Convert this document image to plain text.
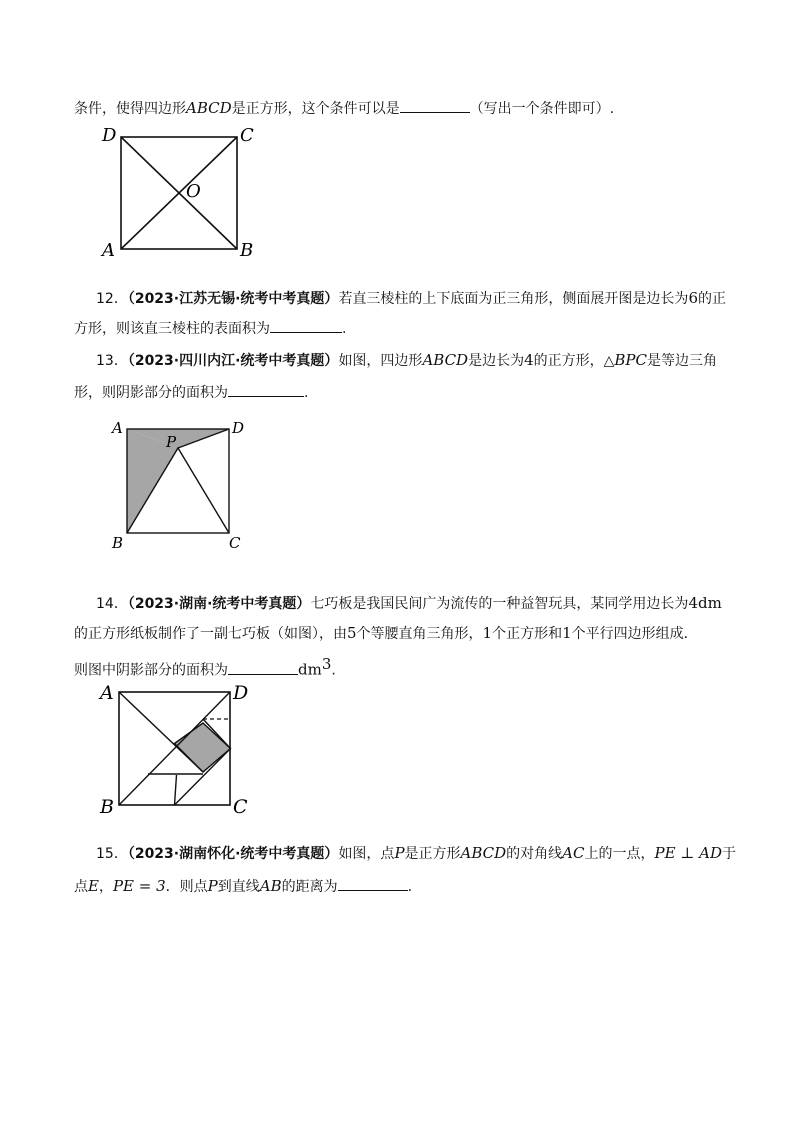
条件，使得四边形ABCD是正方形，这个条件可以是	（写出一个条件即可）.
D	C
A	B
O
12．（2023·江苏无锡·统考中考真题）若直三棱柱的上下底面为正三角形，侧面展开图是边长为6的正
方形，则该直三棱柱的表面积为	.
13．（2023·四川内江·统考中考真题）如图，四边形ABCD是边长为4的正方形，△BPC是等边三角
形，则阴影部分的面积为	.
A	D
P
B	C
14．（2023·湖南·统考中考真题）七巧板是我国民间广为流传的一种益智玩具，某同学用边长为4dm
的正方形纸板制作了一副七巧板（如图），由5个等腰直角三角形，1个正方形和1个平行四边形组成．
则图中阴影部分的面积为	$dm^3$.
A	D
B	C
15．（2023·湖南怀化·统考中考真题）如图，点P是正方形ABCD的对角线AC上的一点，PE ⊥ AD于
点E，PE = 3．则点P到直线AB的距离为	.
